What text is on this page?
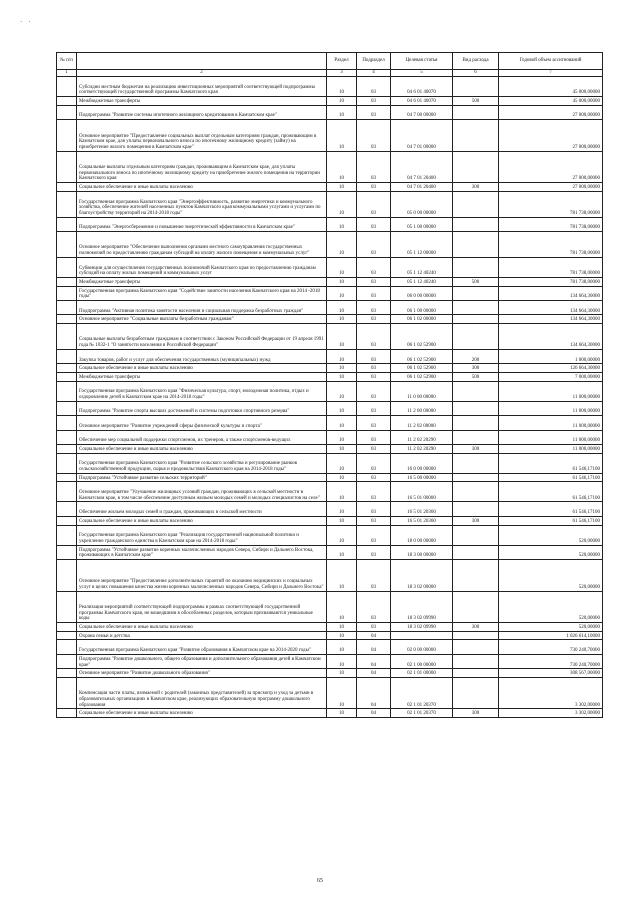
· ·
№ п/п		Раздел	Подраздел	Целевая статья	Вид расхода	Годовой объем ассигнований
1	2	3	4	5	6	7
	Субсидии местным бюджетам на реализацию инвестиционных мероприятий соответствующей подпрограммы соответствующей государственной программы Камчатского края	10	03	04 6 01 40070		45 000,00000
	Межбюджетные трансферты	10	03	04 6 01 40070	500	45 000,00000
	Подпрограмма "Развитие системы ипотечного жилищного кредитования в Камчатском крае"	10	03	04 7 00 00000		27 000,00000
	Основное мероприятие "Предоставление социальных выплат отдельным категориям граждан, проживающим в Камчатском крае, для уплаты первоначального взноса по ипотечному жилищному кредиту (займу) на приобретение жилого помещения в Камчатском крае"	10	03	04 7 01 00000		27 000,00000
	Социальные выплаты отдельным категориям граждан, проживающим в Камчатском крае, для уплаты первоначального взноса по ипотечному жилищному кредиту на приобретение жилого помещения на территории Камчатского края	10	03	04 7 01 20400		27 000,00000
	Социальное обеспечение и иные выплаты населению	10	03	04 7 01 20400	300	27 000,00000
	Государственная программа Камчатского края "Энергоэффективность, развитие энергетики и коммунального хозяйства, обеспечение жителей населенных пунктов Камчатского края коммунальными услугами и услугами по благоустройству территорий на 2014-2018 годы"	10	03	05 0 00 00000		781 738,00000
	Подпрограмма "Энергосбережение и повышение энергетической эффективности в Камчатском крае"	10	03	05 1 00 00000		781 738,00000
	Основное мероприятие "Обеспечение выполнения органами местного самоуправления государственных полномочий по предоставлению гражданам субсидий на оплату жилого помещения и коммунальных услуг"	10	03	05 1 12 00000		781 738,00000
	Субвенции для осуществления государственных полномочий Камчатского края по предоставлению гражданам субсидий на оплату жилых помещений и коммунальных услуг	10	03	05 1 12 40240		781 738,00000
	Межбюджетные трансферты	10	03	05 1 12 40240	500	781 738,00000
	Государственная программа Камчатского края "Содействие занятости населения Камчатского края на 2014 -2018 годы"	10	03	06 0 00 00000		134 664,30000
	Подпрограмма "Активная политика занятости населения и социальная поддержка безработных граждан"	10	03	06 1 00 00000		134 664,30000
	Основное мероприятие "Социальные выплаты безработным гражданам"	10	03	06 1 02 00000		134 664,30000
	Социальные выплаты безработным гражданам в соответствии с Законом Российской Федерации от 19 апреля 1991 года № 1032-1 "О занятости населения в Российской Федерации"	10	03	06 1 02 52900		134 664,30000
	Закупка товаров, работ и услуг для обеспечения государственных (муниципальных) нужд	10	03	06 1 02 52900	200	1 000,00000
	Социальное обеспечение и иные выплаты населению	10	03	06 1 02 52900	300	126 664,30000
	Межбюджетные трансферты	10	03	06 1 02 52900	500	7 000,00000
	Государственная программа Камчатского края "Физическая культура, спорт, молодежная политика, отдых и оздоровление детей в Камчатском крае на 2014-2018 годы"	10	03	11 0 00 00000		11 000,00000
	Подпрограмма "Развитие спорта высших достижений и системы подготовки спортивного резерва"	10	03	11 2 00 00000		11 000,00000
	Основное мероприятие "Развитие учреждений сферы физической культуры и спорта"	10	03	11 2 02 00000		11 000,00000
	Обеспечение мер социальной поддержки спортсменов, их тренеров, а также спортсменов-ведущих	10	03	11 2 02 20290		11 000,00000
	Социальное обеспечение и иные выплаты населению	10	03	11 2 02 20290	300	11 000,00000
	Государственная программа Камчатского края "Развитие сельского хозяйства и регулирование рынков сельскохозяйственной продукции, сырья и продовольствия Камчатского края на 2014-2018 годы"	10	03	16 0 00 00000		61 546,17100
	Подпрограмма "Устойчивое развитие сельских территорий"	10	03	16 5 00 00000		61 546,17100
	Основное мероприятие "Улучшение жилищных условий граждан, проживающих в сельской местности в Камчатском крае, в том числе обеспечение доступным жильем молодых семей и молодых специалистов на селе"	10	03	16 5 01 00000		61 546,17100
	Обеспечение жильем молодых семей и граждан, проживающих в сельской местности	10	03	16 5 01 20360		61 546,17100
	Социальное обеспечение и иные выплаты населению	10	03	16 5 01 20360	300	61 546,17100
	Государственная программа Камчатского края "Реализация государственной национальной политики и укрепление гражданского единства в Камчатском крае на 2014-2018 годы"	10	03	18 0 00 00000		520,00000
	Подпрограмма "Устойчивое развитие коренных малочисленных народов Севера, Сибири и Дальнего Востока, проживающих в Камчатском крае"	10	03	18 3 00 00000		520,00000
	Основное мероприятие "Предоставление дополнительных гарантий по оказанию медицинских и социальных услуг в целях повышения качества жизни коренных малочисленных народов Севера, Сибири и Дальнего Востока"	10	03	18 3 02 00000		520,00000
	Реализация мероприятий соответствующей подпрограммы в рамках соответствующей государственной программы Камчатского края, не вошедшими в обособленных разделов, которым присваиваются уникальные коды	10	03	18 3 02 09990		520,00000
	Социальное обеспечение и иные выплаты населению	10	03	18 3 02 09990	300	520,00000
	Охрана семьи и детства	10	04			1 026 614,10000
	Государственная программа Камчатского края "Развитие образования в Камчатском крае на 2014-2020 годы"	10	04	02 0 00 00000		730 240,70000
	Подпрограмма "Развитие дошкольного, общего образования и дополнительного образования детей в Камчатском крае"	10	04	02 1 00 00000		730 240,70000
	Основное мероприятие "Развитие дошкольного образования"	10	04	02 1 01 00000		308 567,00000
	Компенсация части платы, взимаемой с родителей (законных представителей) за присмотр и уход за детьми в образовательных организациях в Камчатском крае, реализующих образовательную программу дошкольного образования	10	04	02 1 01 20370		3 302,00000
	Социальное обеспечение и иные выплаты населению	10	04	02 1 01 20370	300	3 302,00000
65
